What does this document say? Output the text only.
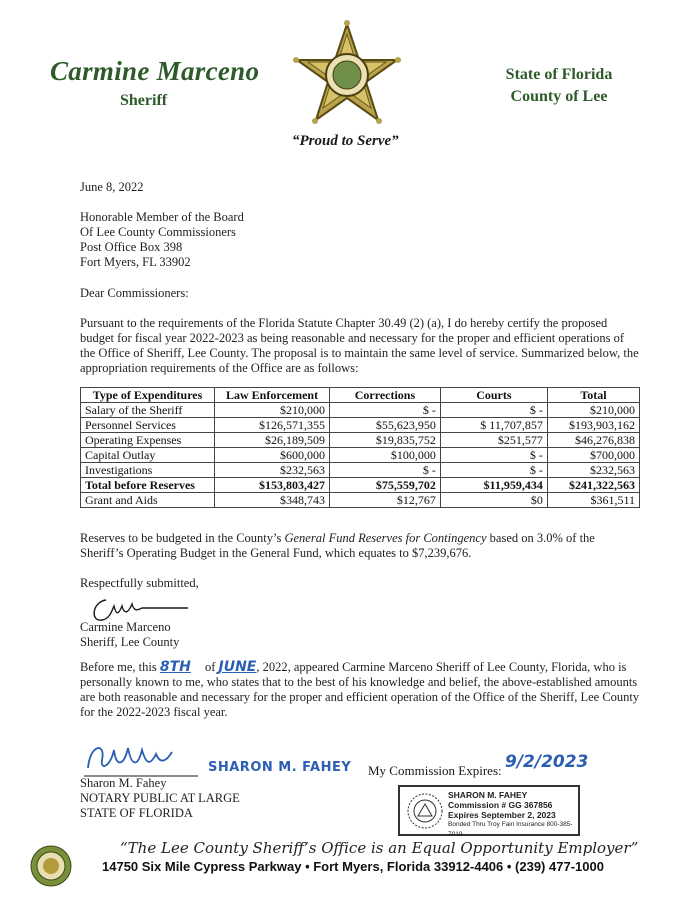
Carmine Marceno
Sheriff
“Proud to Serve”
State of Florida
County of Lee
June 8, 2022
Honorable Member of the Board
Of Lee County Commissioners
Post Office Box 398
Fort Myers, FL 33902
Dear Commissioners:
Pursuant to the requirements of the Florida Statute Chapter 30.49 (2) (a), I do hereby certify the proposed budget for fiscal year 2022-2023 as being reasonable and necessary for the proper and efficient operations of the Office of Sheriff, Lee County. The proposal is to maintain the same level of service. Summarized below, the appropriation requirements of the Office are as follows:
Type of Expenditures	Law Enforcement	Corrections	Courts	Total
Salary of the Sheriff	$210,000	$ -	$ -	$210,000
Personnel Services	$126,571,355	$55,623,950	$ 11,707,857	$193,903,162
Operating Expenses	$26,189,509	$19,835,752	$251,577	$46,276,838
Capital Outlay	$600,000	$100,000	$ -	$700,000
Investigations	$232,563	$ -	$ -	$232,563
Total before Reserves	$153,803,427	$75,559,702	$11,959,434	$241,322,563
Grant and Aids	$348,743	$12,767	$0	$361,511
Reserves to be budgeted in the County’s General Fund Reserves for Contingency based on 3.0% of the Sheriff’s Operating Budget in the General Fund, which equates to $7,239,676.
Respectfully submitted,
Carmine Marceno
Sheriff, Lee County
Before me, this 8TH of JUNE, 2022, appeared Carmine Marceno Sheriff of Lee County, Florida, who is personally known to me, who states that to the best of his knowledge and belief, the above-established amounts are both reasonable and necessary for the proper and efficient operation of the Office of the Sheriff, Lee County for the 2022-2023 fiscal year.
SHARON M. FAHEY
Sharon M. Fahey
NOTARY PUBLIC AT LARGE
STATE OF FLORIDA
My Commission Expires: 9/2/2023
SHARON M. FAHEY
Commission # GG 367856
Expires September 2, 2023
Bonded Thru Troy Fain Insurance 800-385-7019
“The Lee County Sheriff’s Office is an Equal Opportunity Employer”
14750 Six Mile Cypress Parkway • Fort Myers, Florida 33912-4406 • (239) 477-1000
